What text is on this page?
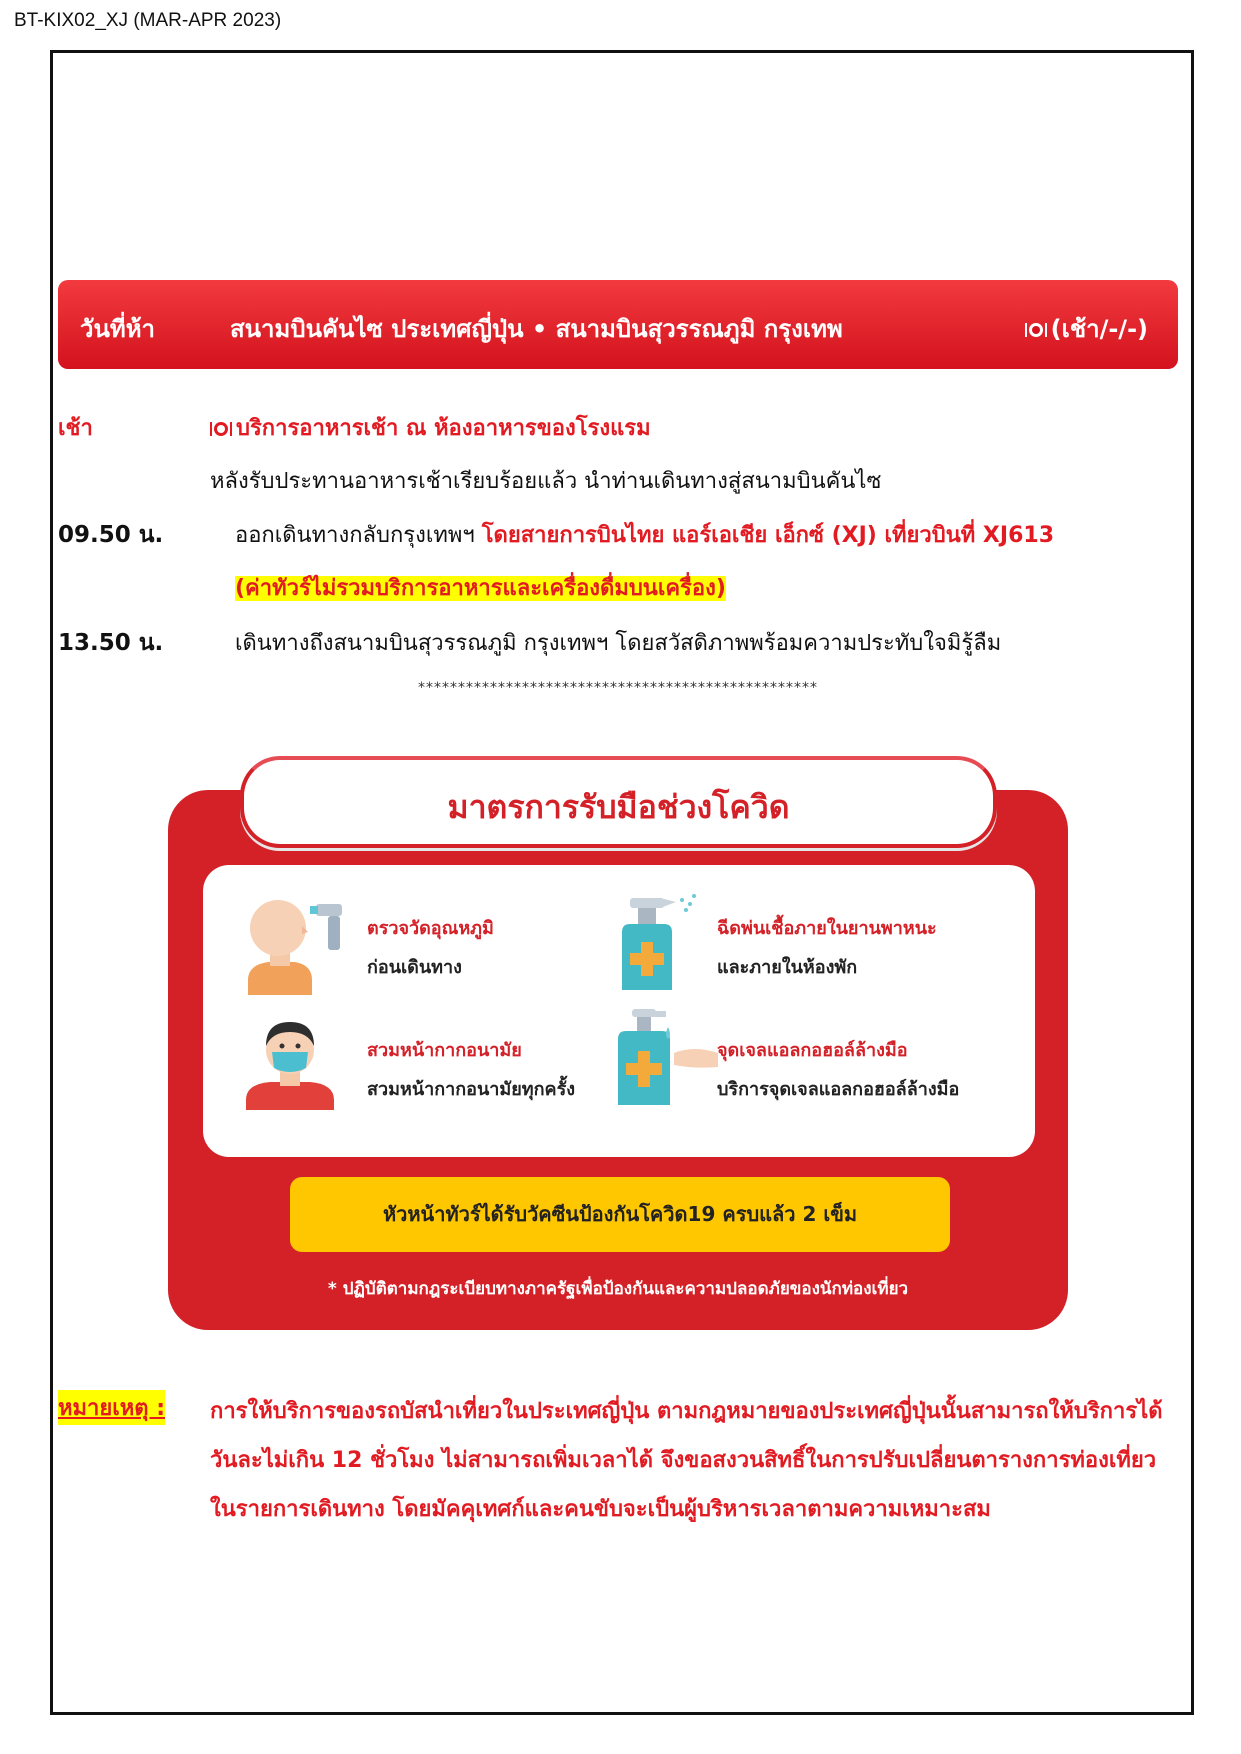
BT-KIX02_XJ (MAR-APR 2023)
วันที่ห้า	สนามบินคันไซ ประเทศญี่ปุ่น • สนามบินสุวรรณภูมิ กรุงเทพ	(เช้า/-/-)
เช้า	บริการอาหารเช้า ณ ห้องอาหารของโรงแรม
หลังรับประทานอาหารเช้าเรียบร้อยแล้ว นำท่านเดินทางสู่สนามบินคันไซ
09.50 น.	ออกเดินทางกลับกรุงเทพฯ โดยสายการบินไทย แอร์เอเชีย เอ็กซ์ (XJ) เที่ยวบินที่ XJ613
(ค่าทัวร์ไม่รวมบริการอาหารและเครื่องดื่มบนเครื่อง)
13.50 น.	เดินทางถึงสนามบินสุวรรณภูมิ กรุงเทพฯ โดยสวัสดิภาพพร้อมความประทับใจมิรู้ลืม
**************************************************
มาตรการรับมือช่วงโควิด
ตรวจวัดอุณหภูมิ
ก่อนเดินทาง
ฉีดพ่นเชื้อภายในยานพาหนะ
และภายในห้องพัก
สวมหน้ากากอนามัย
สวมหน้ากากอนามัยทุกครั้ง
จุดเจลแอลกอฮอล์ล้างมือ
บริการจุดเจลแอลกอฮอล์ล้างมือ
หัวหน้าทัวร์ได้รับวัคซีนป้องกันโควิด19 ครบแล้ว 2 เข็ม
* ปฏิบัติตามกฎระเบียบทางภาครัฐเพื่อป้องกันและความปลอดภัยของนักท่องเที่ยว
หมายเหตุ : การให้บริการของรถบัสนำเที่ยวในประเทศญี่ปุ่น ตามกฎหมายของประเทศญี่ปุ่นนั้นสามารถให้บริการได้วันละไม่เกิน 12 ชั่วโมง ไม่สามารถเพิ่มเวลาได้ จึงขอสงวนสิทธิ์ในการปรับเปลี่ยนตารางการท่องเที่ยวในรายการเดินทาง โดยมัคคุเทศก์และคนขับจะเป็นผู้บริหารเวลาตามความเหมาะสม
